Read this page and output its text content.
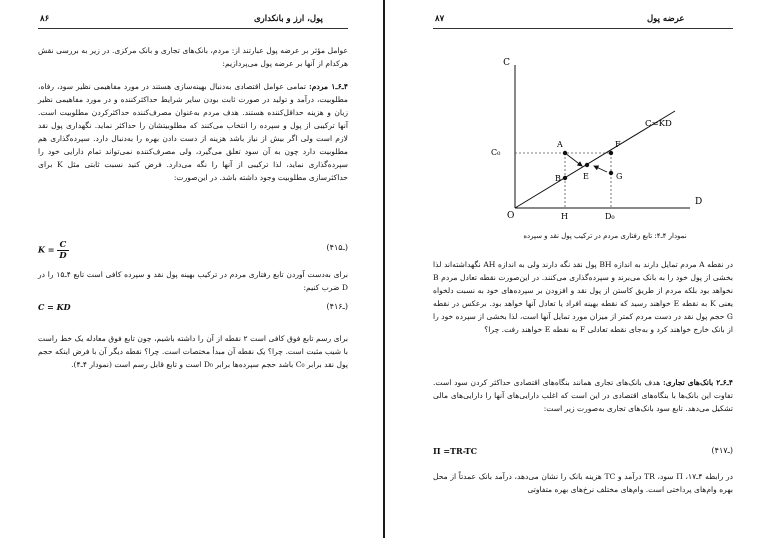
۸۶	پول، ارز و بانکداری

عوامل مؤثر بر عرضه پول عبارتند از: مردم، بانک‌های تجاری و بانک مرکزی. در زیر به بررسی نقش هرکدام از آنها بر عرضه پول می‌پردازیم:

۴ـ۶ـ۱ مردم: تمامی عوامل اقتصادی به‌دنبال بهینه‌سازی هستند در مورد مفاهیمی نظیر سود، رفاه، مطلوبیت، درآمد و تولید در صورت ثابت بودن سایر شرایط حداکثرکننده و در مورد مفاهیمی نظیر زیان و هزینه حداقل‌کننده هستند. هدف مردم به‌عنوان مصرف‌کننده حداکثرکردن مطلوبیت است. آنها ترکیبی از پول و سپرده را انتخاب می‌کنند که مطلوبیتشان را حداکثر نماید. نگهداری پول نقد لازم است ولی اگر بیش از نیاز باشد هزینه از دست دادن بهره را به‌دنبال دارد. سپرده‌گذاری هم مطلوبیت دارد چون به آن سود تعلق می‌گیرد، ولی مصرف‌کننده نمی‌تواند تمام دارایی خود را سپرده‌گذاری نماید، لذا ترکیبی از آنها را نگه می‌دارد. فرض کنید نسبت ثابتی مثل K برای حداکثرسازی مطلوبیت وجود داشته باشد. در این‌صورت:

$K = \frac{C}{D}$	(۴ـ۱۵)

برای به‌دست آوردن تابع رفتاری مردم در ترکیب بهینه پول نقد و سپرده کافی است تابع ۴ـ۱۵ را در D ضرب کنیم:

C = KD	(۴ـ۱۶)

برای رسم تابع فوق کافی است ۲ نقطه از آن را داشته باشیم، چون تابع فوق معادله یک خط راست با شیب مثبت است. چرا؟ یک نقطه آن مبدأ مختصات است. چرا؟ نقطه دیگر آن با فرض اینکه حجم پول نقد برابر C₀ باشد حجم سپرده‌ها برابر D₀ است و تابع قابل رسم است (نمودار ۴ـ۴).

۸۷	عرضه پول
C
D
O
C=KD
C₀
H	D₀
A
B	E
F
G
نمودار ۴ـ۴: تابع رفتاری مردم در ترکیب پول نقد و سپرده

در نقطه A مردم تمایل دارند به اندازه BH پول نقد نگه دارند ولی به اندازه AH نگهداشته‌اند لذا بخشی از پول خود را به بانک می‌برند و سپرده‌گذاری می‌کنند. در این‌صورت نقطه تعادل مردم B نخواهد بود بلکه مردم از طریق کاستن از پول نقد و افزودن بر سپرده‌های خود به نسبت دلخواه یعنی K به نقطه E خواهند رسید که نقطه بهینه افراد یا تعادل آنها خواهد بود. برعکس در نقطه G حجم پول نقد در دست مردم کمتر از میزان مورد تمایل آنها است، لذا بخشی از سپرده خود را از بانک خارج خواهند کرد و به‌جای نقطه تعادلی F به نقطه E خواهند رفت. چرا؟

۴ـ۶ـ۲ بانک‌های تجاری: هدف بانک‌های تجاری همانند بنگاه‌های اقتصادی حداکثر کردن سود است. تفاوت این بانک‌ها با بنگاه‌های اقتصادی در این است که اغلب دارایی‌های آنها را دارایی‌های مالی تشکیل می‌دهد. تابع سود بانک‌های تجاری به‌صورت زیر است:

Π =TR-TC	(۴ـ۱۷)

در رابطه ۴ـ۱۷، Π سود، TR درآمد و TC هزینه بانک را نشان می‌دهد، درآمد بانک عمدتاً از محل بهره وام‌های پرداختی است. وام‌های مختلف نرخ‌های بهره متفاوتی
